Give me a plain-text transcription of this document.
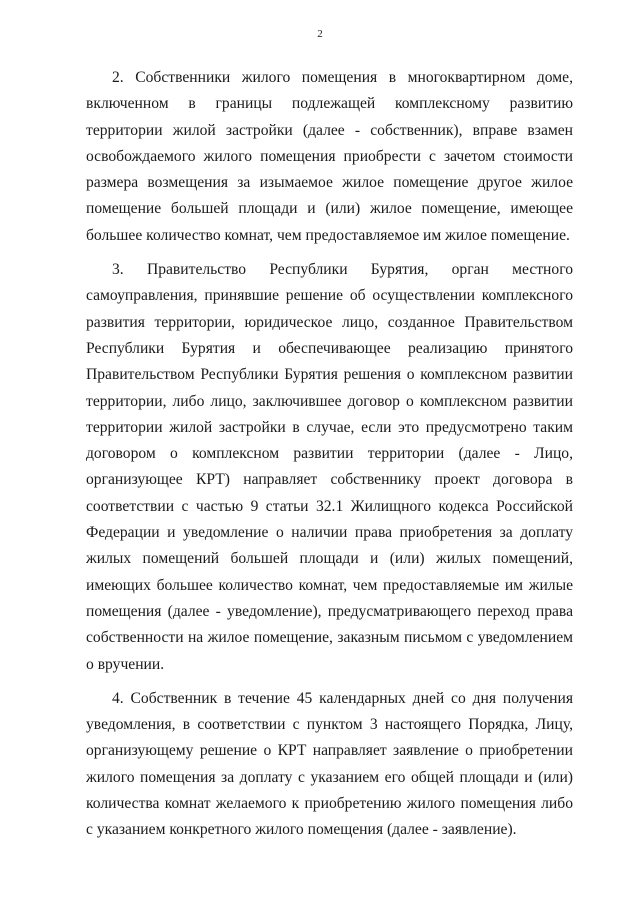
2

2. Собственники жилого помещения в многоквартирном доме, включенном в границы подлежащей комплексному развитию территории жилой застройки (далее - собственник), вправе взамен освобождаемого жилого помещения приобрести с зачетом стоимости размера возмещения за изымаемое жилое помещение другое жилое помещение большей площади и (или) жилое помещение, имеющее большее количество комнат, чем предоставляемое им жилое помещение.

3. Правительство Республики Бурятия, орган местного самоуправления, принявшие решение об осуществлении комплексного развития территории, юридическое лицо, созданное Правительством Республики Бурятия и обеспечивающее реализацию принятого Правительством Республики Бурятия решения о комплексном развитии территории, либо лицо, заключившее договор о комплексном развитии территории жилой застройки в случае, если это предусмотрено таким договором о комплексном развитии территории (далее - Лицо, организующее КРТ) направляет собственнику проект договора в соответствии с частью 9 статьи 32.1 Жилищного кодекса Российской Федерации и уведомление о наличии права приобретения за доплату жилых помещений большей площади и (или) жилых помещений, имеющих большее количество комнат, чем предоставляемые им жилые помещения (далее - уведомление), предусматривающего переход права собственности на жилое помещение, заказным письмом с уведомлением о вручении.

4. Собственник в течение 45 календарных дней со дня получения уведомления, в соответствии с пунктом 3 настоящего Порядка, Лицу, организующему решение о КРТ направляет заявление о приобретении жилого помещения за доплату с указанием его общей площади и (или) количества комнат желаемого к приобретению жилого помещения либо с указанием конкретного жилого помещения (далее - заявление).
